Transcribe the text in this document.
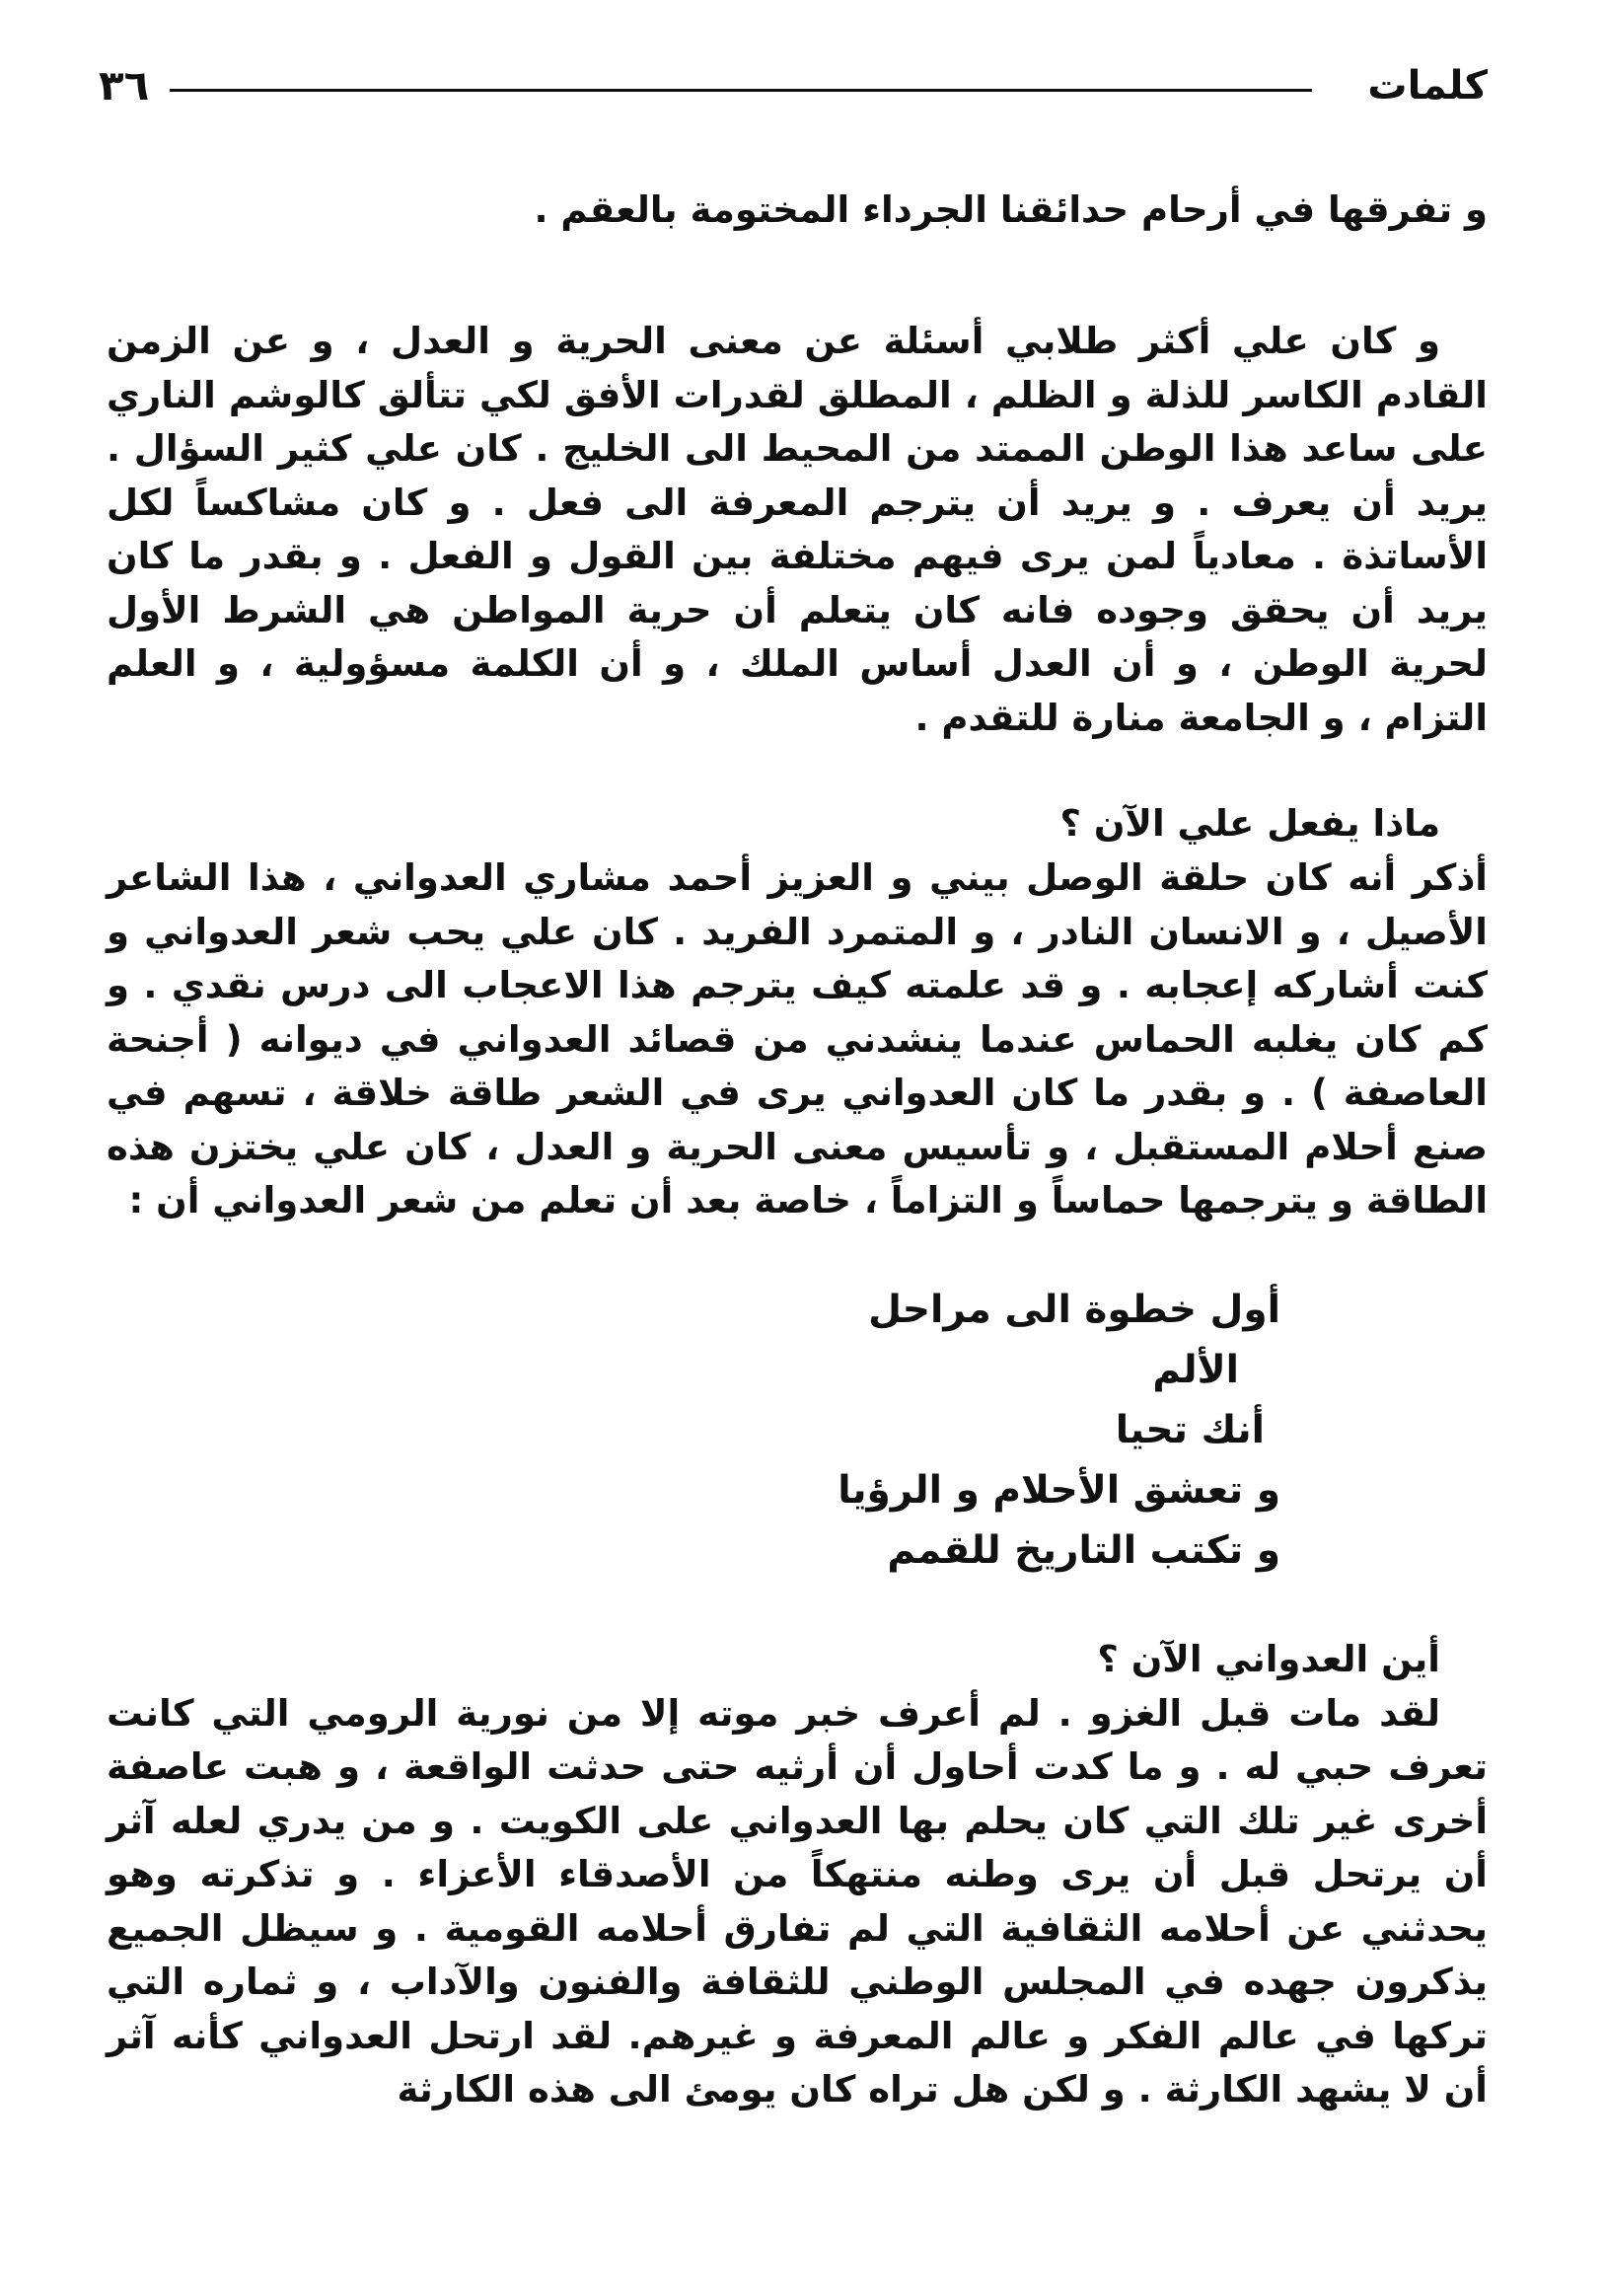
٣٦	كلمات

و تفرقها في أرحام حدائقنا الجرداء المختومة بالعقم .

و كان علي أكثر طلابي أسئلة عن معنى الحرية و العدل ، و عن الزمن القادم الكاسر للذلة و الظلم ، المطلق لقدرات الأفق لكي تتألق كالوشم الناري على ساعد هذا الوطن الممتد من المحيط الى الخليج . كان علي كثير السؤال . يريد أن يعرف . و يريد أن يترجم المعرفة الى فعل . و كان مشاكساً لكل الأساتذة . معادياً لمن يرى فيهم مختلفة بين القول و الفعل . و بقدر ما كان يريد أن يحقق وجوده فانه كان يتعلم أن حرية المواطن هي الشرط الأول لحرية الوطن ، و أن العدل أساس الملك ، و أن الكلمة مسؤولية ، و العلم التزام ، و الجامعة منارة للتقدم .

ماذا يفعل علي الآن ؟

أذكر أنه كان حلقة الوصل بيني و العزيز أحمد مشاري العدواني ، هذا الشاعر الأصيل ، و الانسان النادر ، و المتمرد الفريد . كان علي يحب شعر العدواني و كنت أشاركه إعجابه . و قد علمته كيف يترجم هذا الاعجاب الى درس نقدي . و كم كان يغلبه الحماس عندما ينشدني من قصائد العدواني في ديوانه ( أجنحة العاصفة ) . و بقدر ما كان العدواني يرى في الشعر طاقة خلاقة ، تسهم في صنع أحلام المستقبل ، و تأسيس معنى الحرية و العدل ، كان علي يختزن هذه الطاقة و يترجمها حماساً و التزاماً ، خاصة بعد أن تعلم من شعر العدواني أن :

أول خطوة الى مراحل
الألم
أنك تحيا
و تعشق الأحلام و الرؤيا
و تكتب التاريخ للقمم

أين العدواني الآن ؟

لقد مات قبل الغزو . لم أعرف خبر موته إلا من نورية الرومي التي كانت تعرف حبي له . و ما كدت أحاول أن أرثيه حتى حدثت الواقعة ، و هبت عاصفة أخرى غير تلك التي كان يحلم بها العدواني على الكويت . و من يدري لعله آثر أن يرتحل قبل أن يرى وطنه منتهكاً من الأصدقاء الأعزاء . و تذكرته وهو يحدثني عن أحلامه الثقافية التي لم تفارق أحلامه القومية . و سيظل الجميع يذكرون جهده في المجلس الوطني للثقافة والفنون والآداب ، و ثماره التي تركها في عالم الفكر و عالم المعرفة و غيرهم. لقد ارتحل العدواني كأنه آثر أن لا يشهد الكارثة . و لكن هل تراه كان يومئ الى هذه الكارثة
